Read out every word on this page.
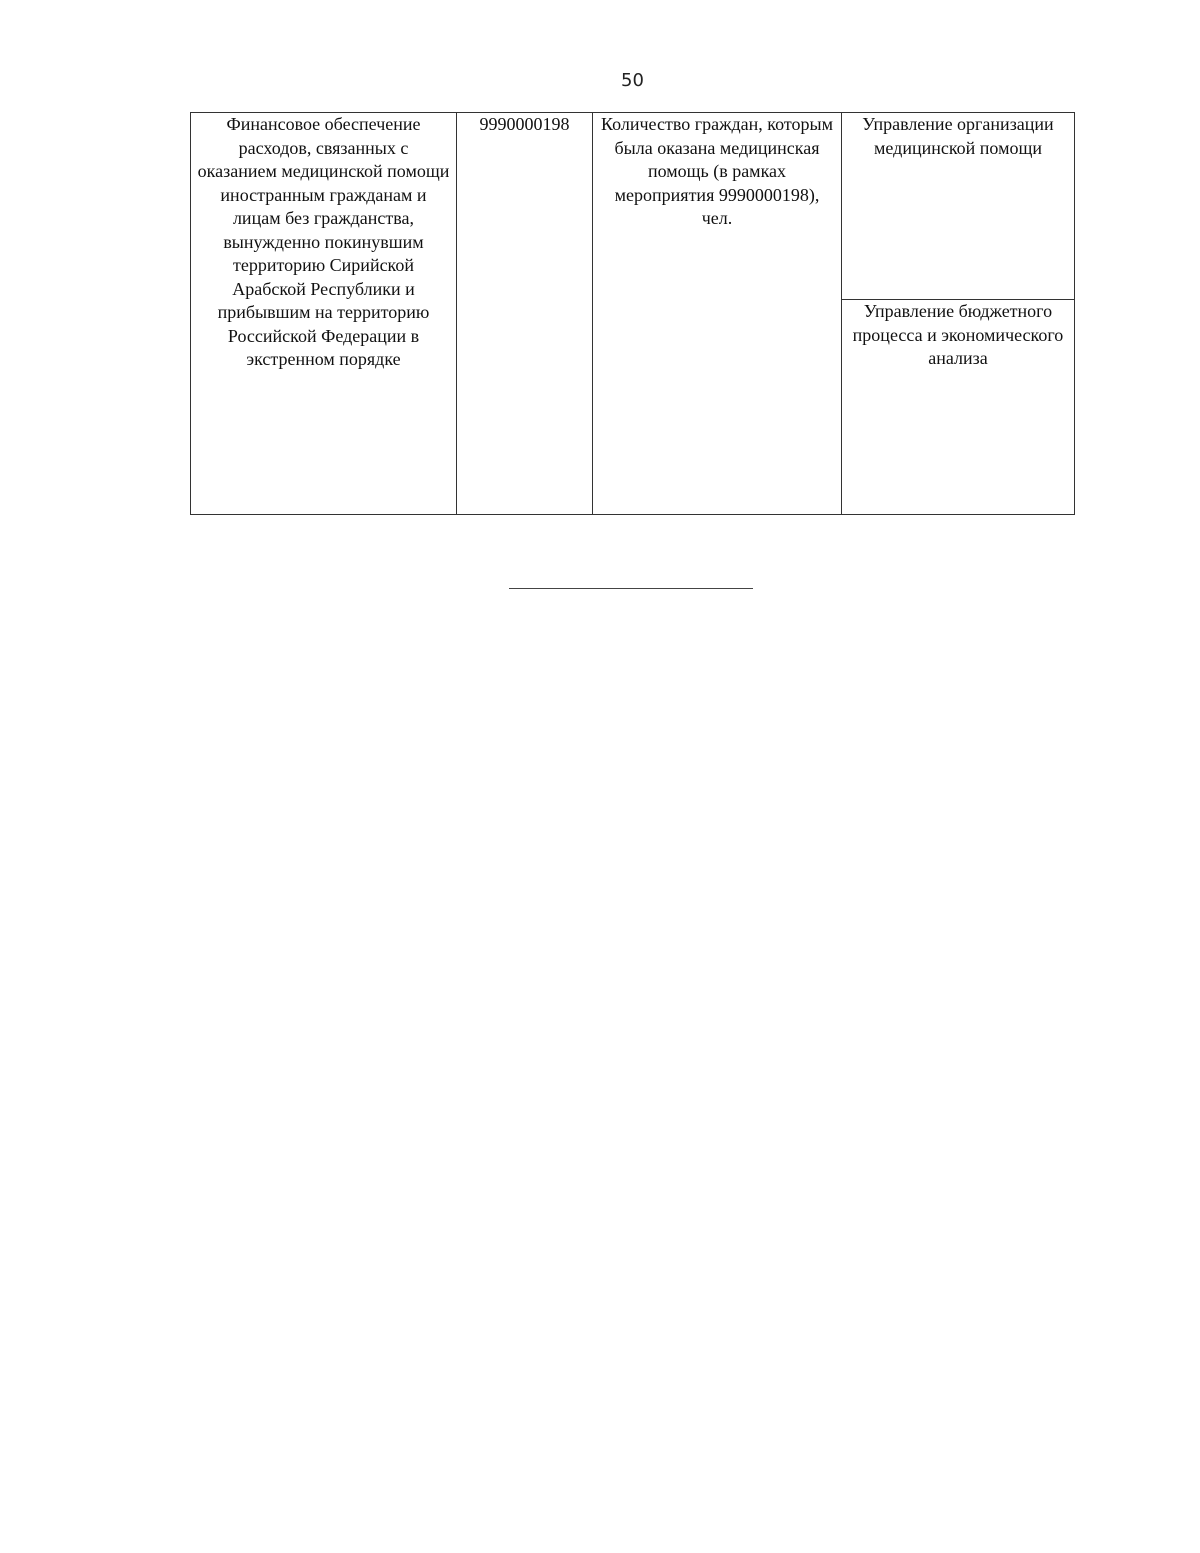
50
Финансовое обеспечение расходов, связанных с оказанием медицинской помощи иностранным гражданам и лицам без гражданства, вынужденно покинувшим территорию Сирийской Арабской Республики и прибывшим на территорию Российской Федерации в экстренном порядке	9990000198	Количество граждан, которым была оказана медицинская помощь (в рамках мероприятия 9990000198), чел.	Управление организации медицинской помощи
Управление бюджетного процесса и экономического анализа
